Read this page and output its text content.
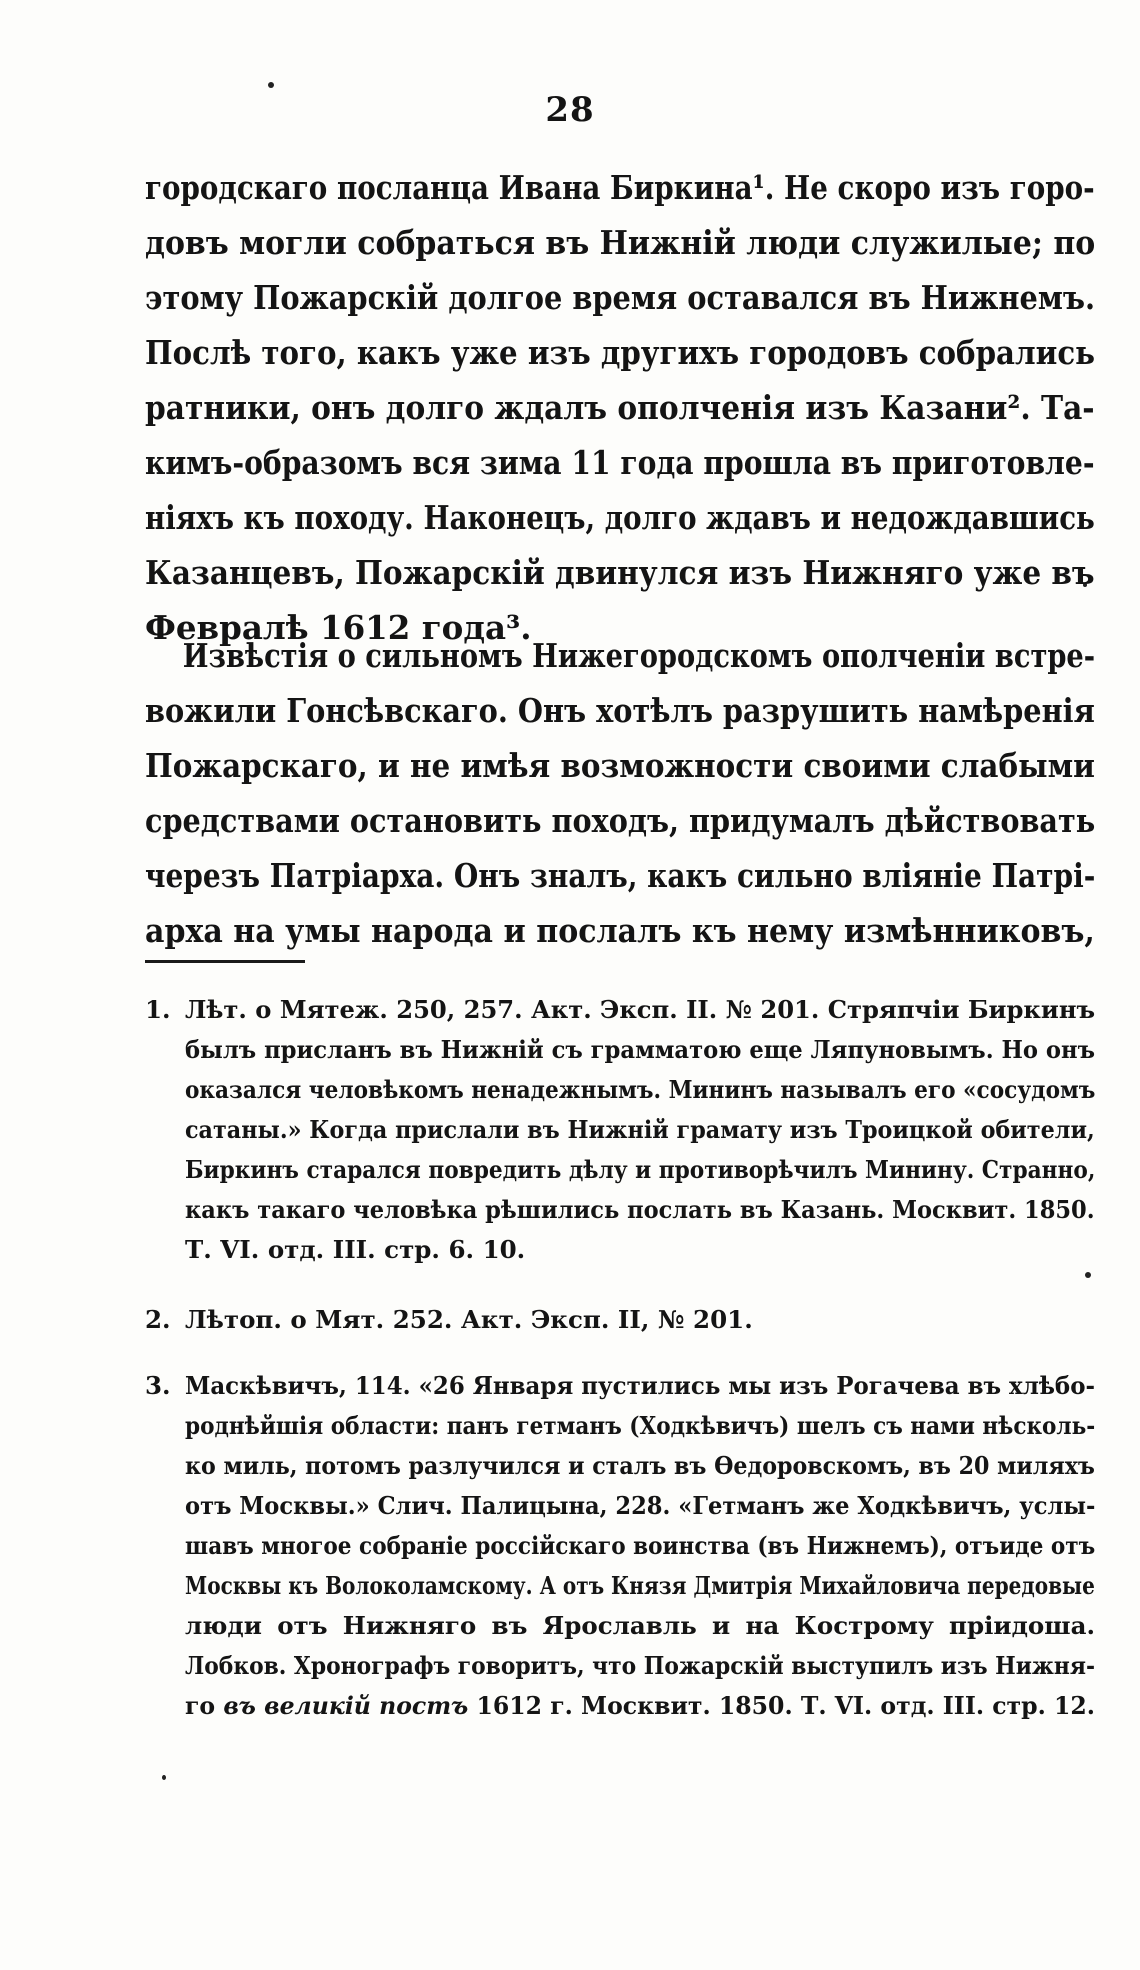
28
городскаго посланца Ивана Биркина¹. Не скоро изъ горо-
довъ могли собраться въ Нижній люди служилые; по
этому Пожарскій долгое время оставался въ Нижнемъ.
Послѣ того, какъ уже изъ другихъ городовъ собрались
ратники, онъ долго ждалъ ополченія изъ Казани². Та-
кимъ-образомъ вся зима 11 года прошла въ приготовле-
ніяхъ къ походу. Наконецъ, долго ждавъ и недождавшись
Казанцевъ, Пожарскій двинулся изъ Нижняго уже въ
Февралѣ 1612 года³.
Извѣстія о сильномъ Нижегородскомъ ополченіи встре-
вожили Гонсѣвскаго. Онъ хотѣлъ разрушить намѣренія
Пожарскаго, и не имѣя возможности своими слабыми
средствами остановить походъ, придумалъ дѣйствовать
черезъ Патріарха. Онъ зналъ, какъ сильно вліяніе Патрі-
арха на умы народа и послалъ къ нему измѣнниковъ,
1. Лѣт. о Мятеж. 250, 257. Акт. Эксп. II. № 201. Стряпчіи Биркинъ
былъ присланъ въ Нижній съ грамматою еще Ляпуновымъ. Но онъ
оказался человѣкомъ ненадежнымъ. Мининъ называлъ его «сосудомъ
сатаны.» Когда прислали въ Нижній грамату изъ Троицкой обители,
Биркинъ старался повредить дѣлу и противорѣчилъ Минину. Странно,
какъ такаго человѣка рѣшились послать въ Казань. Москвит. 1850.
Т. VI. отд. III. стр. 6. 10.
2. Лѣтоп. о Мят. 252. Акт. Эксп. II, № 201.
3. Маскѣвичъ, 114. «26 Января пустились мы изъ Рогачева въ хлѣбо-
роднѣйшія области: панъ гетманъ (Ходкѣвичъ) шелъ съ нами нѣсколь-
ко миль, потомъ разлучился и сталъ въ Ѳедоровскомъ, въ 20 миляхъ
отъ Москвы.» Слич. Палицына, 228. «Гетманъ же Ходкѣвичъ, услы-
шавъ многое собраніе россійскаго воинства (въ Нижнемъ), отъиде отъ
Москвы къ Волоколамскому. А отъ Князя Дмитрія Михайловича передовые
люди отъ Нижняго въ Ярославль и на Кострому пріидоша.
Лобков. Хронографъ говоритъ, что Пожарскій выступилъ изъ Нижня-
го въ великій постъ 1612 г. Москвит. 1850. Т. VI. отд. III. стр. 12.
